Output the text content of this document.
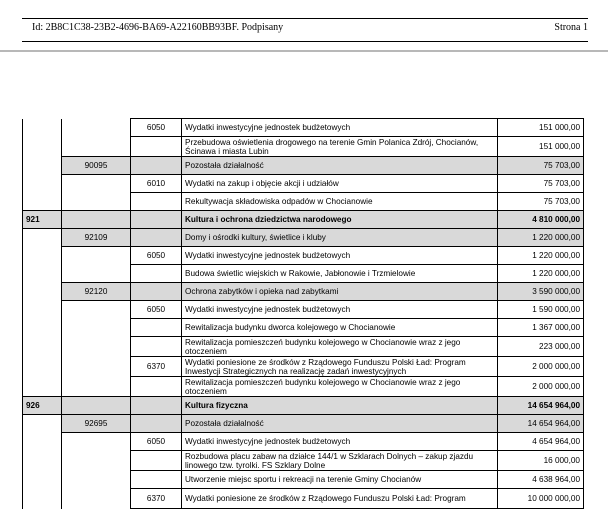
Id: 2B8C1C38-23B2-4696-BA69-A22160BB93BF. Podpisany	Strona 1
		6050	Wydatki inwestycyjne jednostek budżetowych	151 000,00
			Przebudowa oświetlenia drogowego na terenie Gmin Polanica Zdrój, Chocianów, Ścinawa i miasta Lubin	151 000,00
	90095		Pozostała działalność	75 703,00
		6010	Wydatki na zakup i objęcie akcji i udziałów	75 703,00
			Rekultywacja składowiska odpadów w Chocianowie	75 703,00
921			Kultura i ochrona dziedzictwa narodowego	4 810 000,00
	92109		Domy i ośrodki kultury, świetlice i kluby	1 220 000,00
		6050	Wydatki inwestycyjne jednostek budżetowych	1 220 000,00
			Budowa świetlic wiejskich w Rakowie, Jabłonowie i Trzmielowie	1 220 000,00
	92120		Ochrona zabytków i opieka nad zabytkami	3 590 000,00
		6050	Wydatki inwestycyjne jednostek budżetowych	1 590 000,00
			Rewitalizacja budynku dworca kolejowego w Chocianowie	1 367 000,00
			Rewitalizacja pomieszczeń budynku kolejowego w Chocianowie wraz z jego otoczeniem	223 000,00
		6370	Wydatki poniesione ze środków z Rządowego Funduszu Polski Ład: Program Inwestycji Strategicznych na realizację zadań inwestycyjnych	2 000 000,00
			Rewitalizacja pomieszczeń budynku kolejowego w Chocianowie wraz z jego otoczeniem	2 000 000,00
926			Kultura fizyczna	14 654 964,00
	92695		Pozostała działalność	14 654 964,00
		6050	Wydatki inwestycyjne jednostek budżetowych	4 654 964,00
			Rozbudowa placu zabaw na działce 144/1 w Szklarach Dolnych – zakup zjazdu linowego tzw. tyrolki. FS Szklary Dolne	16 000,00
			Utworzenie miejsc sportu i rekreacji na terenie Gminy Chocianów	4 638 964,00
		6370	Wydatki poniesione ze środków z Rządowego Funduszu Polski Ład: Program	10 000 000,00
